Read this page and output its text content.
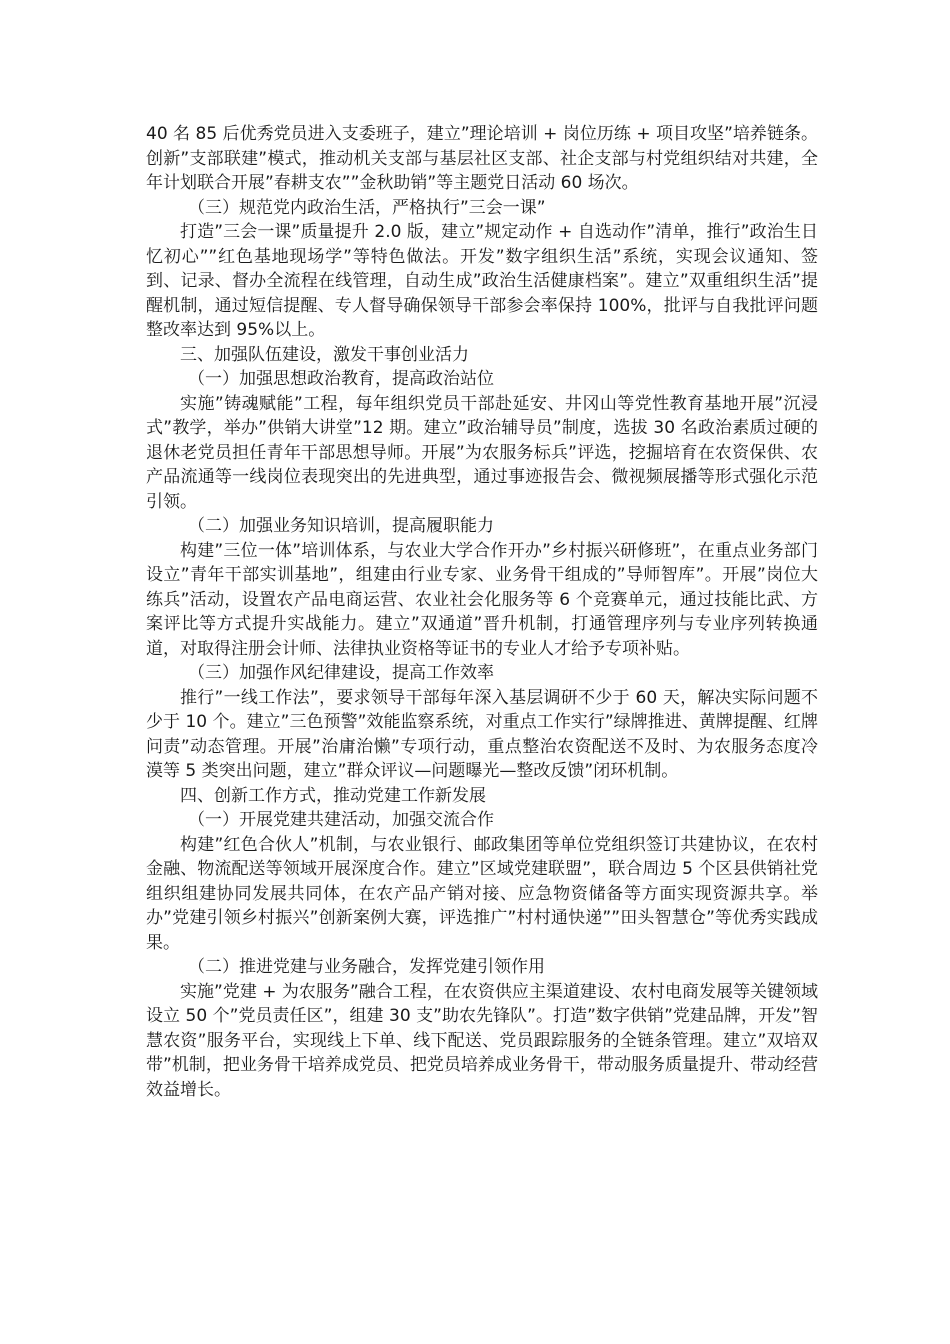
40 名 85 后优秀党员进入支委班子，建立”理论培训 + 岗位历练 + 项目攻坚”培养链条。创新”支部联建”模式，推动机关支部与基层社区支部、社企支部与村党组织结对共建，全年计划联合开展”春耕支农””金秋助销”等主题党日活动 60 场次。

（三）规范党内政治生活，严格执行”三会一课”

打造”三会一课”质量提升 2.0 版，建立”规定动作 + 自选动作”清单，推行”政治生日忆初心””红色基地现场学”等特色做法。开发”数字组织生活”系统，实现会议通知、签到、记录、督办全流程在线管理，自动生成”政治生活健康档案”。建立”双重组织生活”提醒机制，通过短信提醒、专人督导确保领导干部参会率保持 100%，批评与自我批评问题整改率达到 95%以上。

三、加强队伍建设，激发干事创业活力

（一）加强思想政治教育，提高政治站位

实施”铸魂赋能”工程，每年组织党员干部赴延安、井冈山等党性教育基地开展”沉浸式”教学，举办”供销大讲堂”12 期。建立”政治辅导员”制度，选拔 30 名政治素质过硬的退休老党员担任青年干部思想导师。开展”为农服务标兵”评选，挖掘培育在农资保供、农产品流通等一线岗位表现突出的先进典型，通过事迹报告会、微视频展播等形式强化示范引领。

（二）加强业务知识培训，提高履职能力

构建”三位一体”培训体系，与农业大学合作开办”乡村振兴研修班”，在重点业务部门设立”青年干部实训基地”，组建由行业专家、业务骨干组成的”导师智库”。开展”岗位大练兵”活动，设置农产品电商运营、农业社会化服务等 6 个竞赛单元，通过技能比武、方案评比等方式提升实战能力。建立”双通道”晋升机制，打通管理序列与专业序列转换通道，对取得注册会计师、法律执业资格等证书的专业人才给予专项补贴。

（三）加强作风纪律建设，提高工作效率

推行”一线工作法”，要求领导干部每年深入基层调研不少于 60 天，解决实际问题不少于 10 个。建立”三色预警”效能监察系统，对重点工作实行”绿牌推进、黄牌提醒、红牌问责”动态管理。开展”治庸治懒”专项行动，重点整治农资配送不及时、为农服务态度冷漠等 5 类突出问题，建立”群众评议—问题曝光—整改反馈”闭环机制。

四、创新工作方式，推动党建工作新发展

（一）开展党建共建活动，加强交流合作

构建”红色合伙人”机制，与农业银行、邮政集团等单位党组织签订共建协议，在农村金融、物流配送等领域开展深度合作。建立”区域党建联盟”，联合周边 5 个区县供销社党组织组建协同发展共同体，在农产品产销对接、应急物资储备等方面实现资源共享。举办”党建引领乡村振兴”创新案例大赛，评选推广”村村通快递””田头智慧仓”等优秀实践成果。

（二）推进党建与业务融合，发挥党建引领作用

实施”党建 + 为农服务”融合工程，在农资供应主渠道建设、农村电商发展等关键领域设立 50 个”党员责任区”，组建 30 支”助农先锋队”。打造”数字供销”党建品牌，开发”智慧农资”服务平台，实现线上下单、线下配送、党员跟踪服务的全链条管理。建立”双培双带”机制，把业务骨干培养成党员、把党员培养成业务骨干，带动服务质量提升、带动经营效益增长。
